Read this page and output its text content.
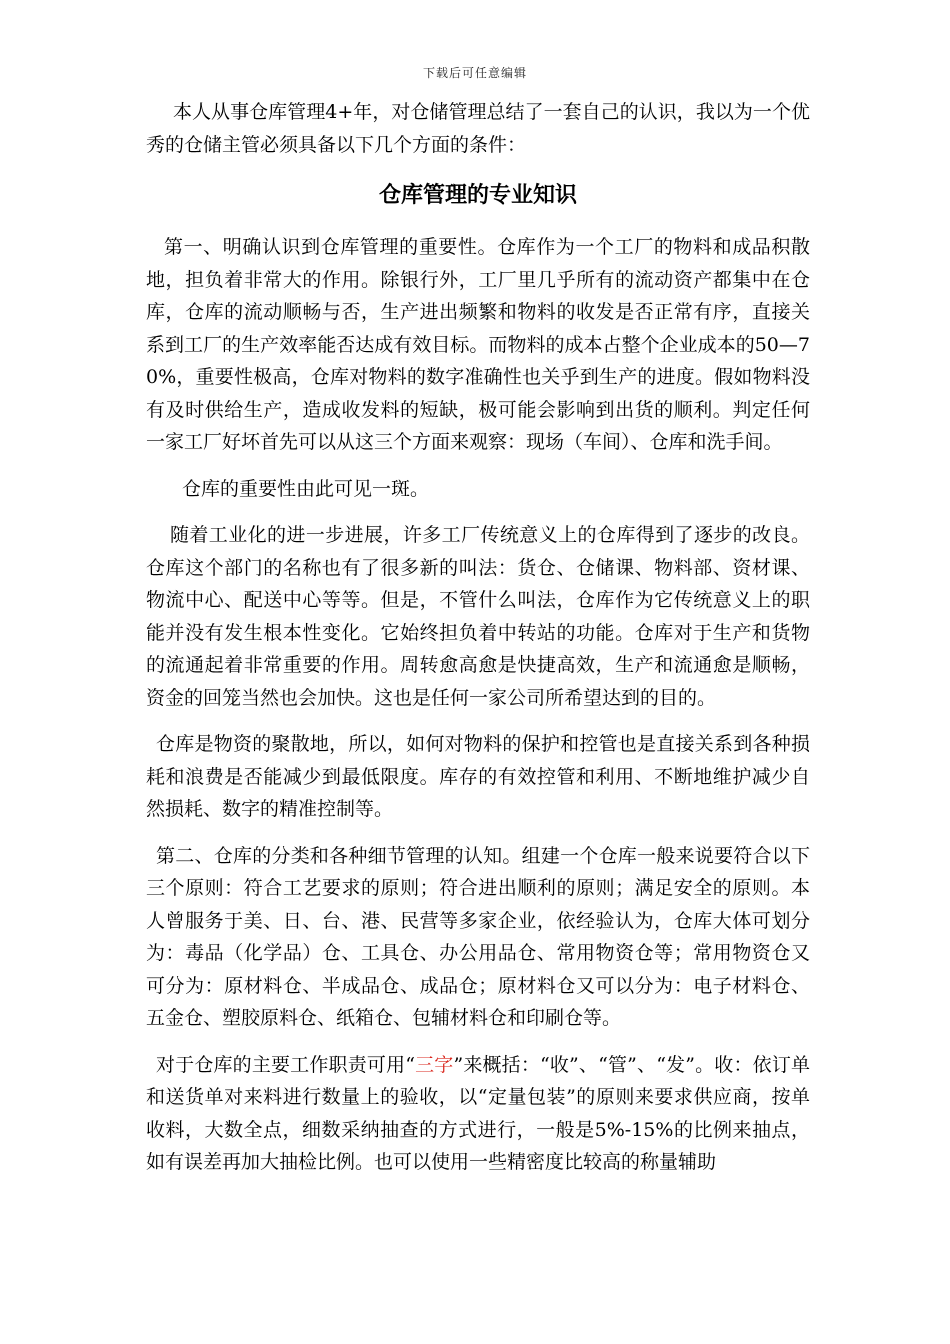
下载后可任意编辑

本人从事仓库管理4+年，对仓储管理总结了一套自己的认识，我以为一个优秀的仓储主管必须具备以下几个方面的条件：

仓库管理的专业知识

第一、明确认识到仓库管理的重要性。仓库作为一个工厂的物料和成品积散地，担负着非常大的作用。除银行外，工厂里几乎所有的流动资产都集中在仓库，仓库的流动顺畅与否，生产进出频繁和物料的收发是否正常有序，直接关系到工厂的生产效率能否达成有效目标。而物料的成本占整个企业成本的50—70%，重要性极高，仓库对物料的数字准确性也关乎到生产的进度。假如物料没有及时供给生产，造成收发料的短缺，极可能会影响到出货的顺利。判定任何一家工厂好坏首先可以从这三个方面来观察：现场（车间）、仓库和洗手间。

仓库的重要性由此可见一斑。

随着工业化的进一步进展，许多工厂传统意义上的仓库得到了逐步的改良。仓库这个部门的名称也有了很多新的叫法：货仓、仓储课、物料部、资材课、物流中心、配送中心等等。但是，不管什么叫法，仓库作为它传统意义上的职能并没有发生根本性变化。它始终担负着中转站的功能。仓库对于生产和货物的流通起着非常重要的作用。周转愈高愈是快捷高效，生产和流通愈是顺畅，资金的回笼当然也会加快。这也是任何一家公司所希望达到的目的。

仓库是物资的聚散地，所以，如何对物料的保护和控管也是直接关系到各种损耗和浪费是否能减少到最低限度。库存的有效控管和利用、不断地维护减少自然损耗、数字的精准控制等。

第二、仓库的分类和各种细节管理的认知。组建一个仓库一般来说要符合以下三个原则：符合工艺要求的原则；符合进出顺利的原则；满足安全的原则。本人曾服务于美、日、台、港、民营等多家企业，依经验认为，仓库大体可划分为：毒品（化学品）仓、工具仓、办公用品仓、常用物资仓等；常用物资仓又可分为：原材料仓、半成品仓、成品仓；原材料仓又可以分为：电子材料仓、五金仓、塑胶原料仓、纸箱仓、包辅材料仓和印刷仓等。

对于仓库的主要工作职责可用“三字”来概括：“收”、“管”、“发”。收：依订单和送货单对来料进行数量上的验收，以“定量包装”的原则来要求供应商，按单收料，大数全点，细数采纳抽查的方式进行，一般是5%-15%的比例来抽点，如有误差再加大抽检比例。也可以使用一些精密度比较高的称量辅助
